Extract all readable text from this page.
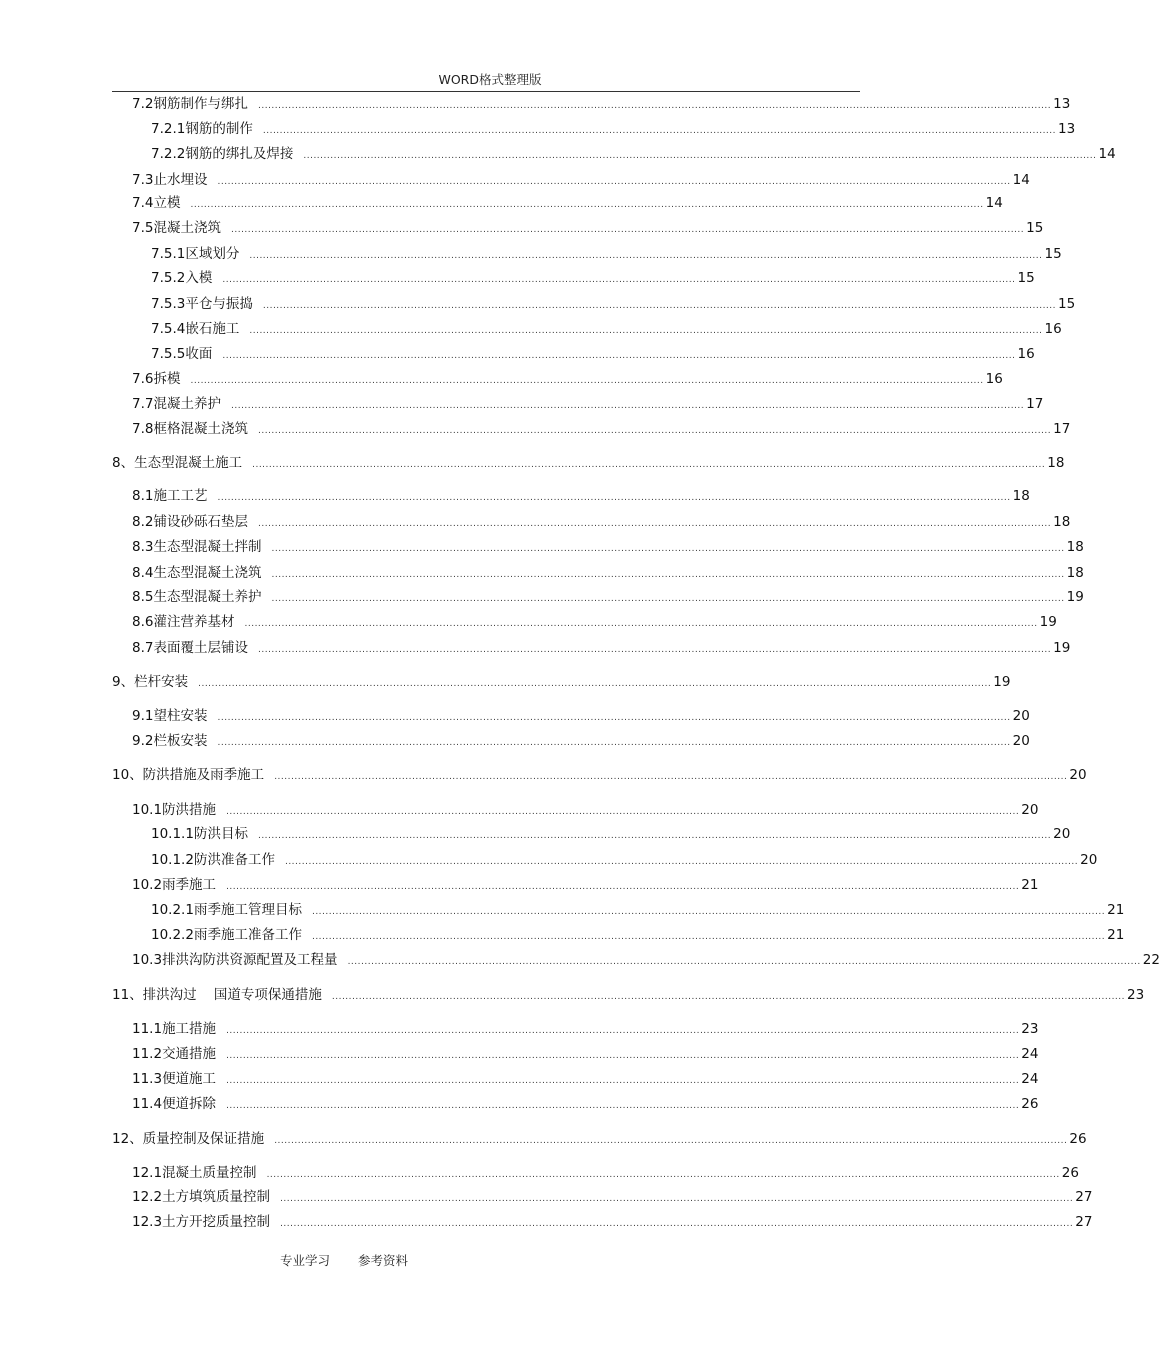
WORD格式整理版
7.2 钢筋制作与绑扎 ............................................................................................................................................................................................................................................ 13
7.2.1 钢筋的制作 ............................................................................................................................................................................................................................................ 13
7.2.2 钢筋的绑扎及焊接 ............................................................................................................................................................................................................................................ 14
7.3 止水埋设 ............................................................................................................................................................................................................................................ 14
7.4 立模 ............................................................................................................................................................................................................................................ 14
7.5 混凝土浇筑 ............................................................................................................................................................................................................................................ 15
7.5.1 区域划分 ............................................................................................................................................................................................................................................ 15
7.5.2 入模 ............................................................................................................................................................................................................................................ 15
7.5.3 平仓与振捣 ............................................................................................................................................................................................................................................ 15
7.5.4 嵌石施工 ............................................................................................................................................................................................................................................ 16
7.5.5 收面 ............................................................................................................................................................................................................................................ 16
7.6 拆模 ............................................................................................................................................................................................................................................ 16
7.7 混凝土养护 ............................................................................................................................................................................................................................................ 17
7.8 框格混凝土浇筑 ............................................................................................................................................................................................................................................ 17
8 、生态型混凝土施工 ............................................................................................................................................................................................................................................ 18
8.1 施工工艺 ............................................................................................................................................................................................................................................ 18
8.2 铺设砂砾石垫层 ............................................................................................................................................................................................................................................ 18
8.3 生态型混凝土拌制 ............................................................................................................................................................................................................................................ 18
8.4 生态型混凝土浇筑 ............................................................................................................................................................................................................................................ 18
8.5 生态型混凝土养护 ............................................................................................................................................................................................................................................ 19
8.6 灌注营养基材 ............................................................................................................................................................................................................................................ 19
8.7 表面覆土层铺设 ............................................................................................................................................................................................................................................ 19
9 、栏杆安装 ............................................................................................................................................................................................................................................ 19
9.1 望柱安装 ............................................................................................................................................................................................................................................ 20
9.2 栏板安装 ............................................................................................................................................................................................................................................ 20
10 、防洪措施及雨季施工 ............................................................................................................................................................................................................................................ 20
10.1 防洪措施 ............................................................................................................................................................................................................................................ 20
10.1.1 防洪目标 ............................................................................................................................................................................................................................................ 20
10.1.2 防洪准备工作 ............................................................................................................................................................................................................................................ 20
10.2 雨季施工 ............................................................................................................................................................................................................................................ 21
10.2.1 雨季施工管理目标 ............................................................................................................................................................................................................................................ 21
10.2.2 雨季施工准备工作 ............................................................................................................................................................................................................................................ 21
10.3 排洪沟防洪资源配置及工程量 ............................................................................................................................................................................................................................................ 22
11 、排洪沟过    国道专项保通措施 ............................................................................................................................................................................................................................................ 23
11.1 施工措施 ............................................................................................................................................................................................................................................ 23
11.2 交通措施 ............................................................................................................................................................................................................................................ 24
11.3 便道施工 ............................................................................................................................................................................................................................................ 24
11.4 便道拆除 ............................................................................................................................................................................................................................................ 26
12 、质量控制及保证措施 ............................................................................................................................................................................................................................................ 26
12.1 混凝土质量控制 ............................................................................................................................................................................................................................................ 26
12.2 土方填筑质量控制 ............................................................................................................................................................................................................................................ 27
12.3 土方开挖质量控制 ............................................................................................................................................................................................................................................ 27
专业学习 参考资料
